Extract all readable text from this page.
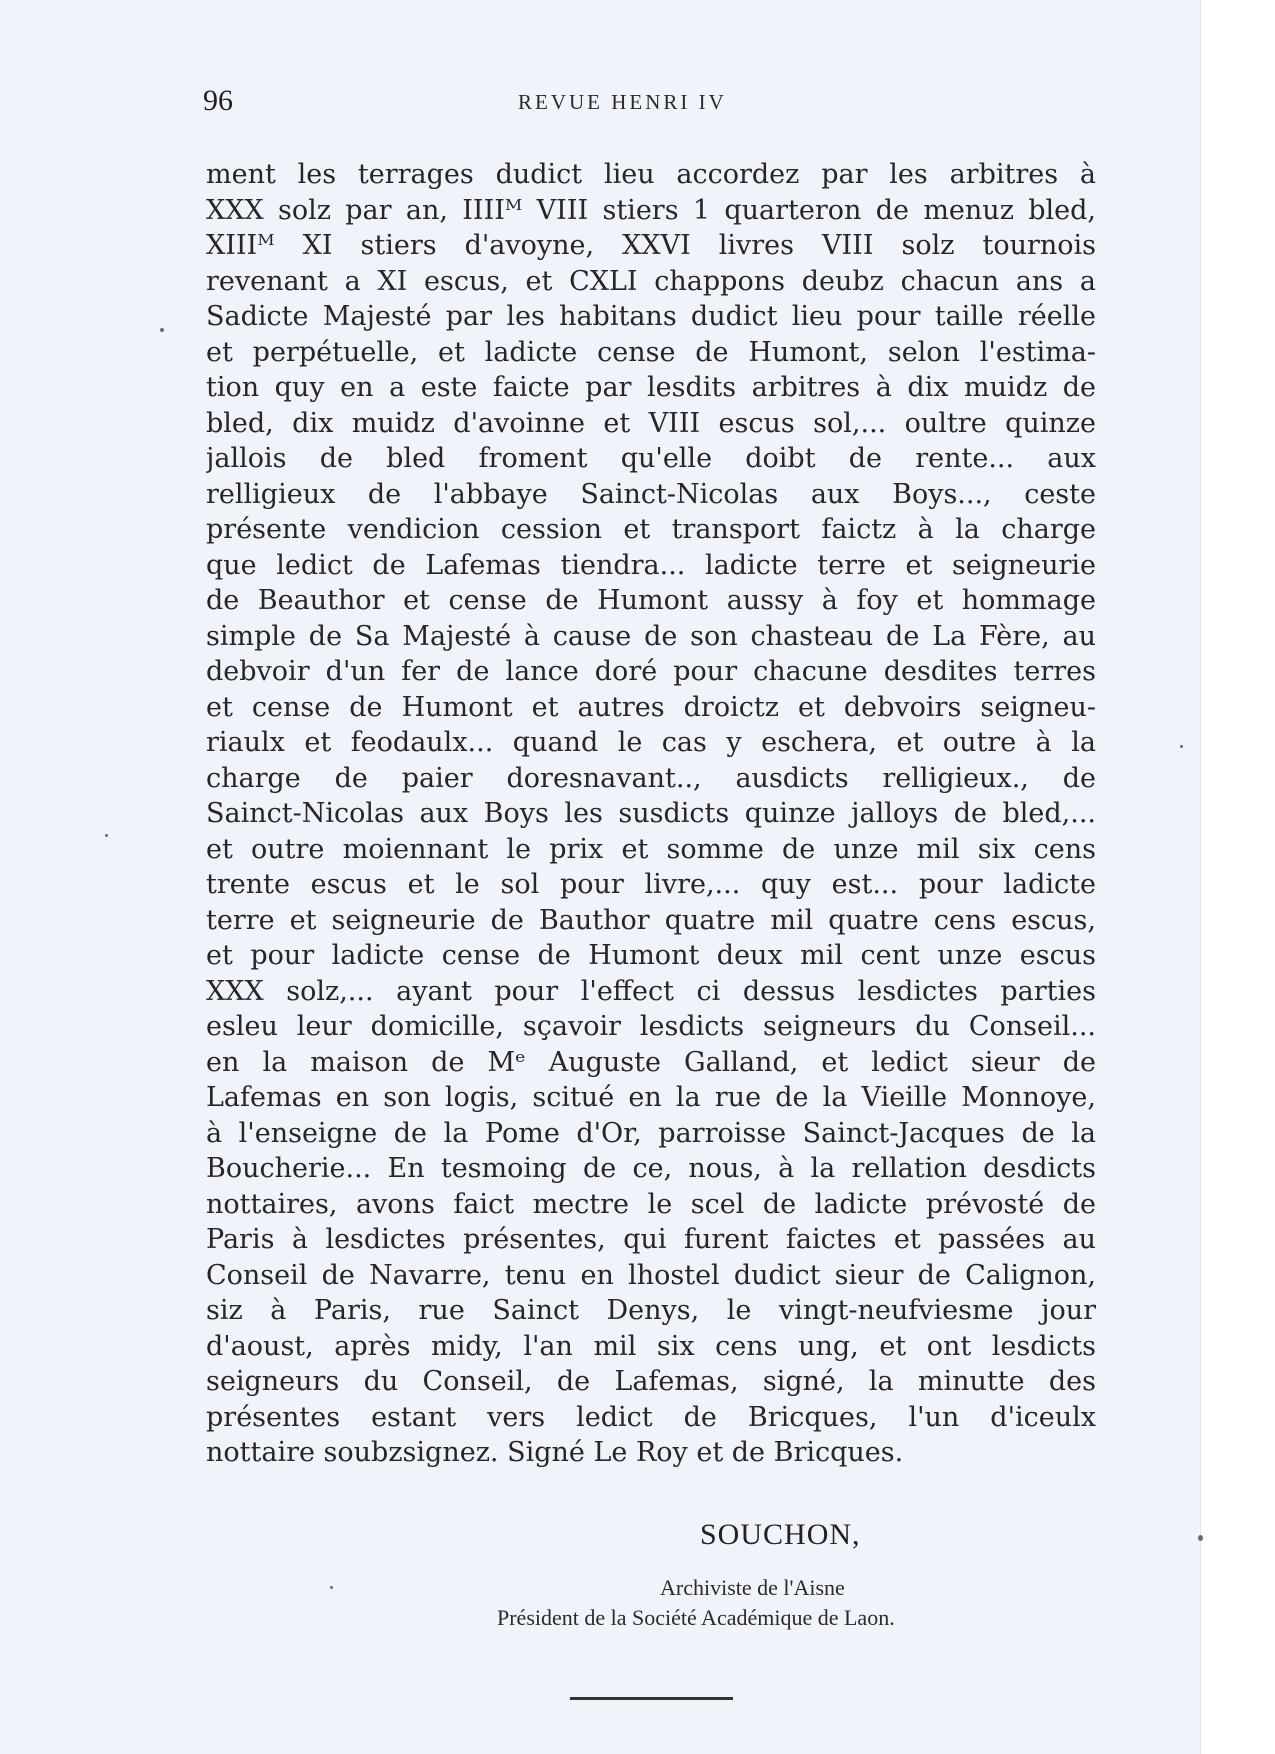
96	REVUE HENRI IV
ment les terrages dudict lieu accordez par les arbitres à
XXX solz par an, IIIIᴹ VIII stiers 1 quarteron de menuz bled,
XIIIᴹ XI stiers d'avoyne, XXVI livres VIII solz tournois
revenant a XI escus, et CXLI chappons deubz chacun ans a
Sadicte Majesté par les habitans dudict lieu pour taille réelle
et perpétuelle, et ladicte cense de Humont, selon l'estima-
tion quy en a este faicte par lesdits arbitres à dix muidz de
bled, dix muidz d'avoinne et VIII escus sol,... oultre quinze
jallois de bled froment qu'elle doibt de rente... aux
relligieux de l'abbaye Sainct-Nicolas aux Boys..., ceste
présente vendicion cession et transport faictz à la charge
que ledict de Lafemas tiendra... ladicte terre et seigneurie
de Beauthor et cense de Humont aussy à foy et hommage
simple de Sa Majesté à cause de son chasteau de La Fère, au
debvoir d'un fer de lance doré pour chacune desdites terres
et cense de Humont et autres droictz et debvoirs seigneu-
riaulx et feodaulx... quand le cas y eschera, et outre à la
charge de paier doresnavant.., ausdicts relligieux., de
Sainct-Nicolas aux Boys les susdicts quinze jalloys de bled,...
et outre moiennant le prix et somme de unze mil six cens
trente escus et le sol pour livre,... quy est... pour ladicte
terre et seigneurie de Bauthor quatre mil quatre cens escus,
et pour ladicte cense de Humont deux mil cent unze escus
XXX solz,... ayant pour l'effect ci dessus lesdictes parties
esleu leur domicille, sçavoir lesdicts seigneurs du Conseil...
en la maison de Mᵉ Auguste Galland, et ledict sieur de
Lafemas en son logis, scitué en la rue de la Vieille Monnoye,
à l'enseigne de la Pome d'Or, parroisse Sainct-Jacques de la
Boucherie... En tesmoing de ce, nous, à la rellation desdicts
nottaires, avons faict mectre le scel de ladicte prévosté de
Paris à lesdictes présentes, qui furent faictes et passées au
Conseil de Navarre, tenu en lhostel dudict sieur de Calignon,
siz à Paris, rue Sainct Denys, le vingt-neufviesme jour
d'aoust, après midy, l'an mil six cens ung, et ont lesdicts
seigneurs du Conseil, de Lafemas, signé, la minutte des
présentes estant vers ledict de Bricques, l'un d'iceulx
nottaire soubzsignez. Signé Le Roy et de Bricques.
SOUCHON,
Archiviste de l'Aisne
Président de la Société Académique de Laon.
